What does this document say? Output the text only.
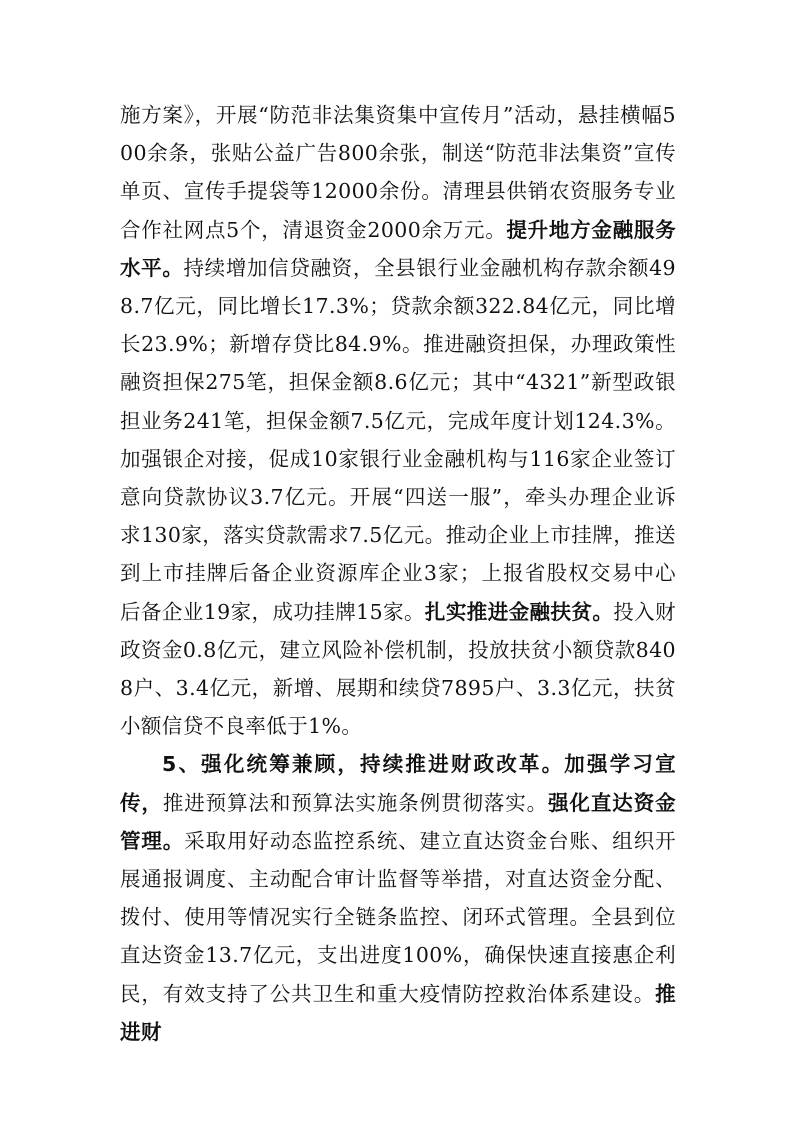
施方案》，开展“防范非法集资集中宣传月”活动，悬挂横幅500余条，张贴公益广告800余张，制送“防范非法集资”宣传单页、宣传手提袋等12000余份。清理县供销农资服务专业合作社网点5个，清退资金2000余万元。提升地方金融服务水平。持续增加信贷融资，全县银行业金融机构存款余额498.7亿元，同比增长17.3%；贷款余额322.84亿元，同比增长23.9%；新增存贷比84.9%。推进融资担保，办理政策性融资担保275笔，担保金额8.6亿元；其中“4321”新型政银担业务241笔，担保金额7.5亿元，完成年度计划124.3%。加强银企对接，促成10家银行业金融机构与116家企业签订意向贷款协议3.7亿元。开展“四送一服”，牵头办理企业诉求130家，落实贷款需求7.5亿元。推动企业上市挂牌，推送到上市挂牌后备企业资源库企业3家；上报省股权交易中心后备企业19家，成功挂牌15家。扎实推进金融扶贫。投入财政资金0.8亿元，建立风险补偿机制，投放扶贫小额贷款8408户、3.4亿元，新增、展期和续贷7895户、3.3亿元，扶贫小额信贷不良率低于1%。

5、强化统筹兼顾，持续推进财政改革。加强学习宣传，推进预算法和预算法实施条例贯彻落实。强化直达资金管理。采取用好动态监控系统、建立直达资金台账、组织开展通报调度、主动配合审计监督等举措，对直达资金分配、拨付、使用等情况实行全链条监控、闭环式管理。全县到位直达资金13.7亿元，支出进度100%，确保快速直接惠企利民，有效支持了公共卫生和重大疫情防控救治体系建设。推进财
